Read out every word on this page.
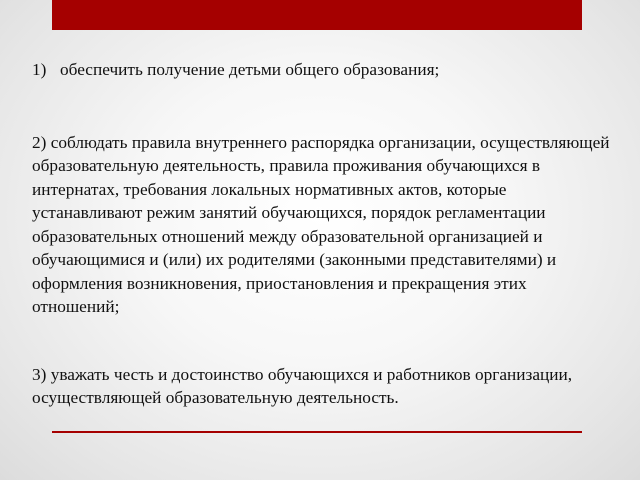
1) обеспечить получение детьми общего образования;

2) соблюдать правила внутреннего распорядка организации, осуществляющей образовательную деятельность, правила проживания обучающихся в интернатах, требования локальных нормативных актов, которые устанавливают режим занятий обучающихся, порядок регламентации образовательных отношений между образовательной организацией и обучающимися и (или) их родителями (законными представителями) и оформления возникновения, приостановления и прекращения этих отношений;

3) уважать честь и достоинство обучающихся и работников организации, осуществляющей образовательную деятельность.
